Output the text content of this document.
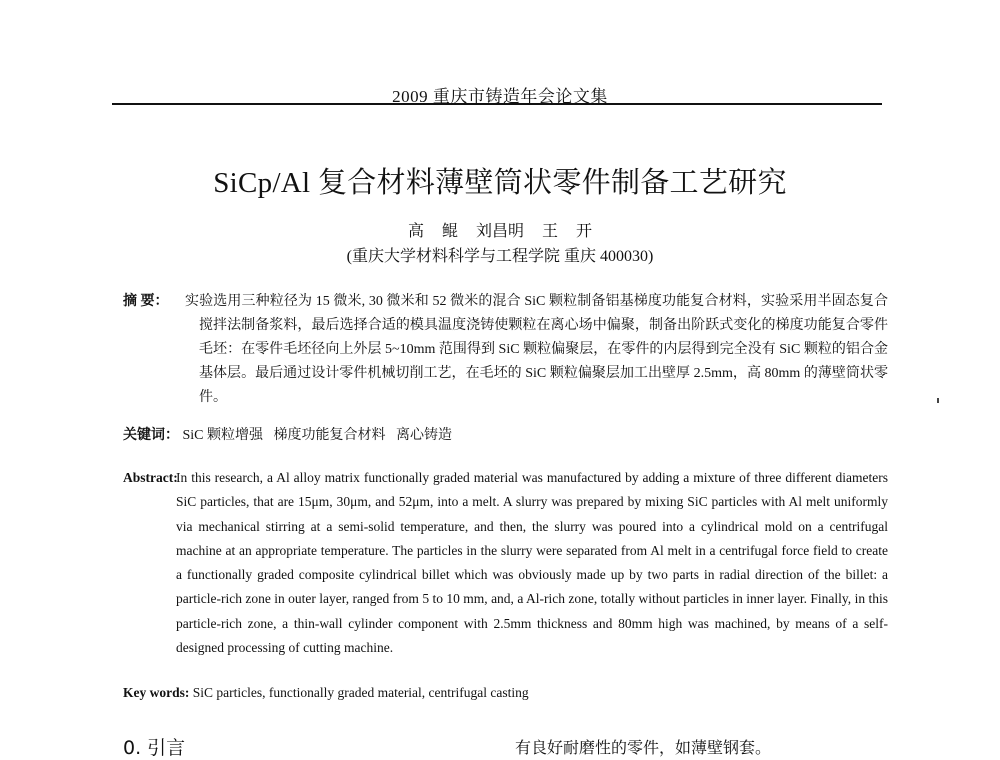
2009 重庆市铸造年会论文集
SiCp/Al 复合材料薄壁筒状零件制备工艺研究
高 鲲 刘昌明 王 开
(重庆大学材料科学与工程学院 重庆 400030)
摘 要： 实验选用三种粒径为 15 微米, 30 微米和 52 微米的混合 SiC 颗粒制备铝基梯度功能复合材料，实验采用半固态复合搅拌法制备浆料，最后选择合适的模具温度浇铸使颗粒在离心场中偏聚，制备出阶跃式变化的梯度功能复合零件毛坯：在零件毛坯径向上外层 5~10mm 范围得到 SiC 颗粒偏聚层，在零件的内层得到完全没有 SiC 颗粒的铝合金基体层。最后通过设计零件机械切削工艺，在毛坯的 SiC 颗粒偏聚层加工出壁厚 2.5mm，高 80mm 的薄壁筒状零件。
关键词： SiC 颗粒增强 梯度功能复合材料 离心铸造
Abstract:
In this research, a Al alloy matrix functionally graded material was manufactured by adding a mixture of three different diameters SiC particles, that are 15μm, 30μm, and 52μm, into a melt. A slurry was prepared by mixing SiC particles with Al melt uniformly via mechanical stirring at a semi-solid temperature, and then, the slurry was poured into a cylindrical mold on a centrifugal machine at an appropriate temperature. The particles in the slurry were separated from Al melt in a centrifugal force field to create a functionally graded composite cylindrical billet which was obviously made up by two parts in radial direction of the billet: a particle-rich zone in outer layer, ranged from 5 to 10 mm, and, a Al-rich zone, totally without particles in inner layer. Finally, in this particle-rich zone, a thin-wall cylinder component with 2.5mm thickness and 80mm high was machined, by means of a self-designed processing of cutting machine.
Key words: SiC particles, functionally graded material, centrifugal casting
0. 引言	有良好耐磨性的零件，如薄壁钢套。
